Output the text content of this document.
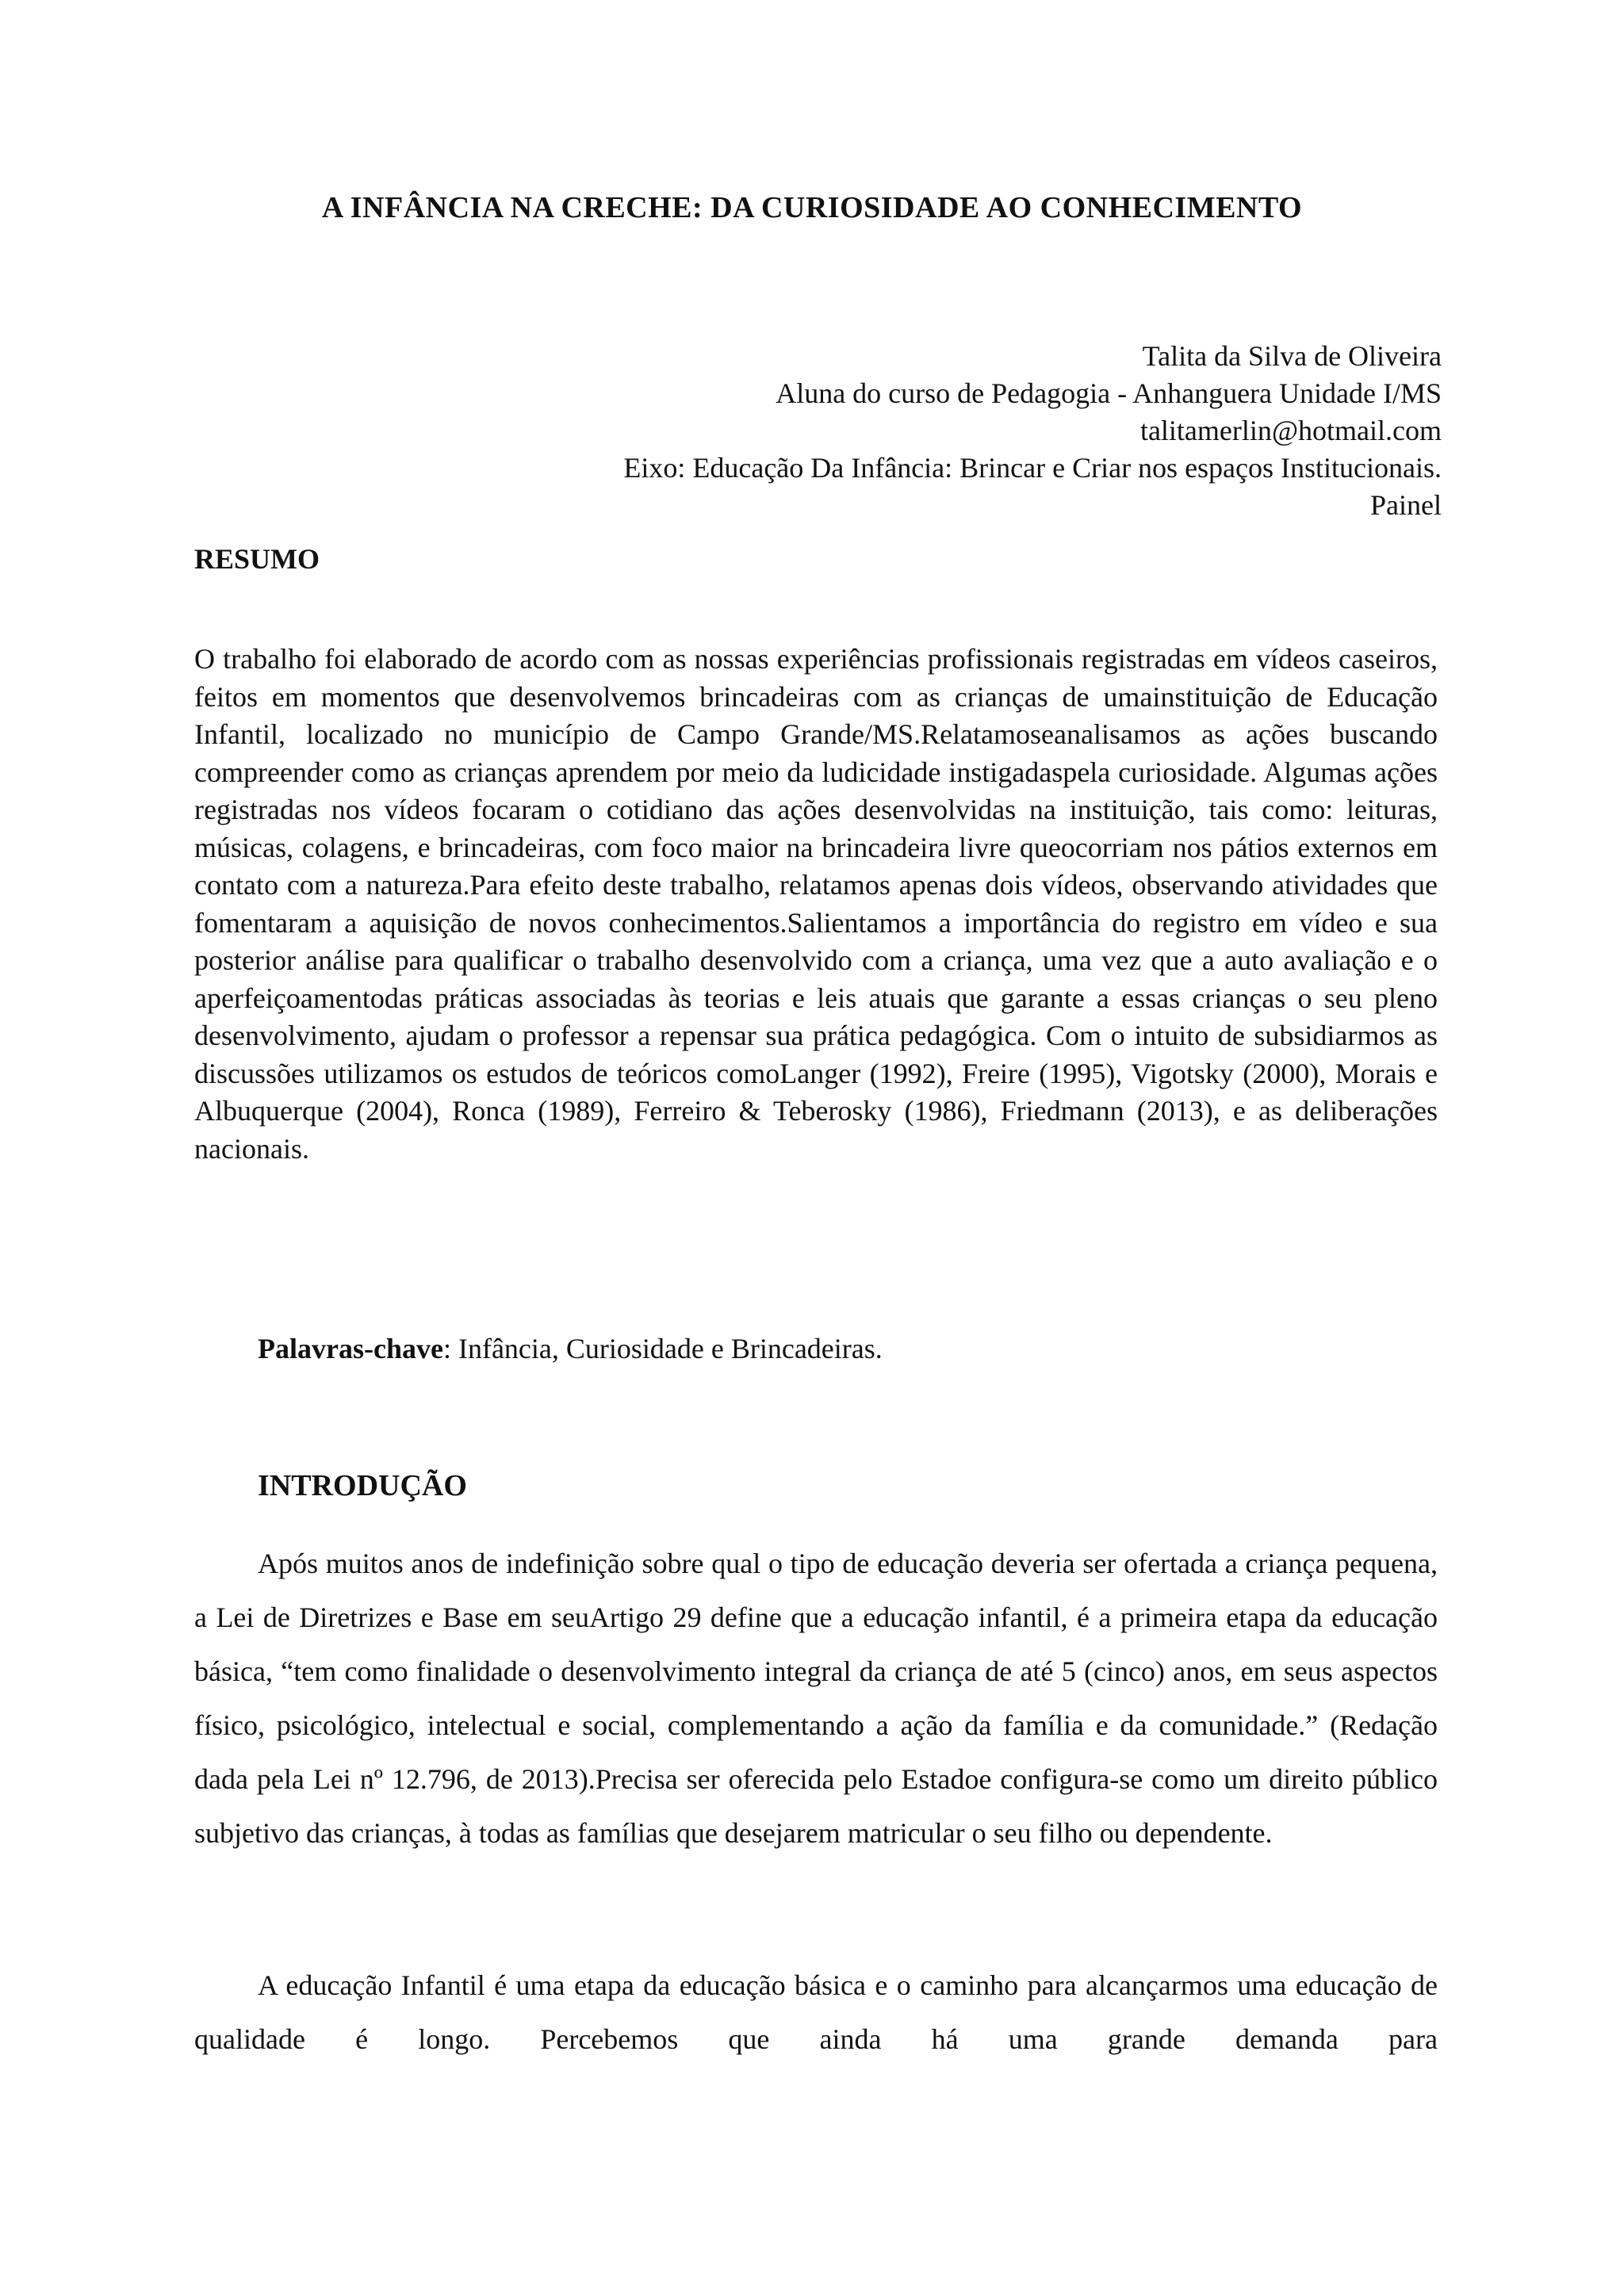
A INFÂNCIA NA CRECHE: DA CURIOSIDADE AO CONHECIMENTO
Talita da Silva de Oliveira
Aluna do curso de Pedagogia - Anhanguera Unidade I/MS
talitamerlin@hotmail.com
Eixo: Educação Da Infância: Brincar e Criar nos espaços Institucionais.
Painel
RESUMO

O trabalho foi elaborado de acordo com as nossas experiências profissionais registradas em vídeos caseiros, feitos em momentos que desenvolvemos brincadeiras com as crianças de umainstituição de Educação Infantil, localizado no município de Campo Grande/MS.Relatamoseanalisamos as ações buscando compreender como as crianças aprendem por meio da ludicidade instigadaspela curiosidade. Algumas ações registradas nos vídeos focaram o cotidiano das ações desenvolvidas na instituição, tais como: leituras, músicas, colagens, e brincadeiras, com foco maior na brincadeira livre queocorriam nos pátios externos em contato com a natureza.Para efeito deste trabalho, relatamos apenas dois vídeos, observando atividades que fomentaram a aquisição de novos conhecimentos.Salientamos a importância do registro em vídeo e sua posterior análise para qualificar o trabalho desenvolvido com a criança, uma vez que a auto avaliação e o aperfeiçoamentodas práticas associadas às teorias e leis atuais que garante a essas crianças o seu pleno desenvolvimento, ajudam o professor a repensar sua prática pedagógica. Com o intuito de subsidiarmos as discussões utilizamos os estudos de teóricos comoLanger (1992), Freire (1995), Vigotsky (2000), Morais e Albuquerque (2004), Ronca (1989), Ferreiro & Teberosky (1986), Friedmann (2013), e as deliberações nacionais.

Palavras-chave: Infância, Curiosidade e Brincadeiras.

INTRODUÇÃO

Após muitos anos de indefinição sobre qual o tipo de educação deveria ser ofertada a criança pequena, a Lei de Diretrizes e Base em seuArtigo 29 define que a educação infantil, é a primeira etapa da educação básica, “tem como finalidade o desenvolvimento integral da criança de até 5 (cinco) anos, em seus aspectos físico, psicológico, intelectual e social, complementando a ação da família e da comunidade.” (Redação dada pela Lei nº 12.796, de 2013).Precisa ser oferecida pelo Estadoe configura-se como um direito público subjetivo das crianças, à todas as famílias que desejarem matricular o seu filho ou dependente.

A educação Infantil é uma etapa da educação básica e o caminho para alcançarmos uma educação de qualidade é longo. Percebemos que ainda há uma grande demanda para
